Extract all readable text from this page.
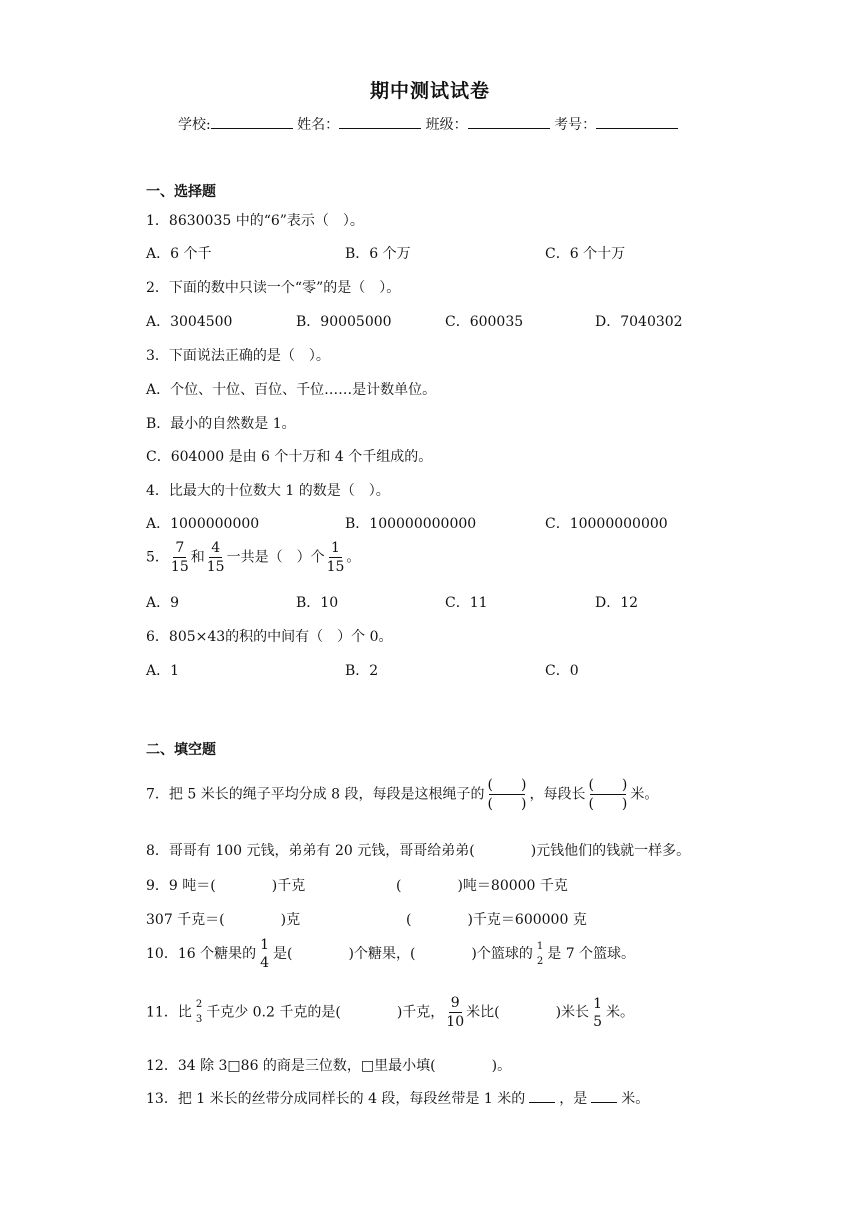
期中测试试卷
学校:	姓名：	班级：	考号：
一、选择题
1．8630035 中的“6”表示（　）。
A．6 个千	B．6 个万	C．6 个十万
2．下面的数中只读一个“零”的是（　）。
A．3004500	B．90005000	C．600035	D．7040302
3．下面说法正确的是（　）。
A．个位、十位、百位、千位……是计数单位。
B．最小的自然数是 1。
C．604000 是由 6 个十万和 4 个千组成的。
4．比最大的十位数大 1 的数是（　）。
A．1000000000	B．100000000000	C．10000000000
5． $\frac{7}{15}$ 和 $\frac{4}{15}$ 一共是（　）个 $\frac{1}{15}$ 。
A．9	B．10	C．11	D．12
6．805×43的积的中间有（　）个 0。
A．1	B．2	C．0
二、填空题
7．把 5 米长的绳子平均分成 8 段，每段是这根绳子的
(　　)
(　　)
，每段长
(　　)
(　　)
米。
8．哥哥有 100 元钱，弟弟有 20 元钱，哥哥给弟弟(　　　　)元钱他们的钱就一样多。
9．9 吨＝(　　　　)千克	(　　　　)吨＝80000 千克
307 千克＝(　　　　)克	(　　　　)千克＝600000 克
10．16 个糖果的
1
4
是(　　　　)个糖果，(　　　　)个篮球的 1
2 是 7 个篮球。
11．比 2
3 千克少 0.2 千克的是(　　　　)千克， $\frac{9}{10}$ 米比(　　　　)米长
1
5
米。
12．34 除 3□86 的商是三位数，□里最小填(　　　　)。
13．把 1 米长的丝带分成同样长的 4 段，每段丝带是 1 米的 ，是 米。
